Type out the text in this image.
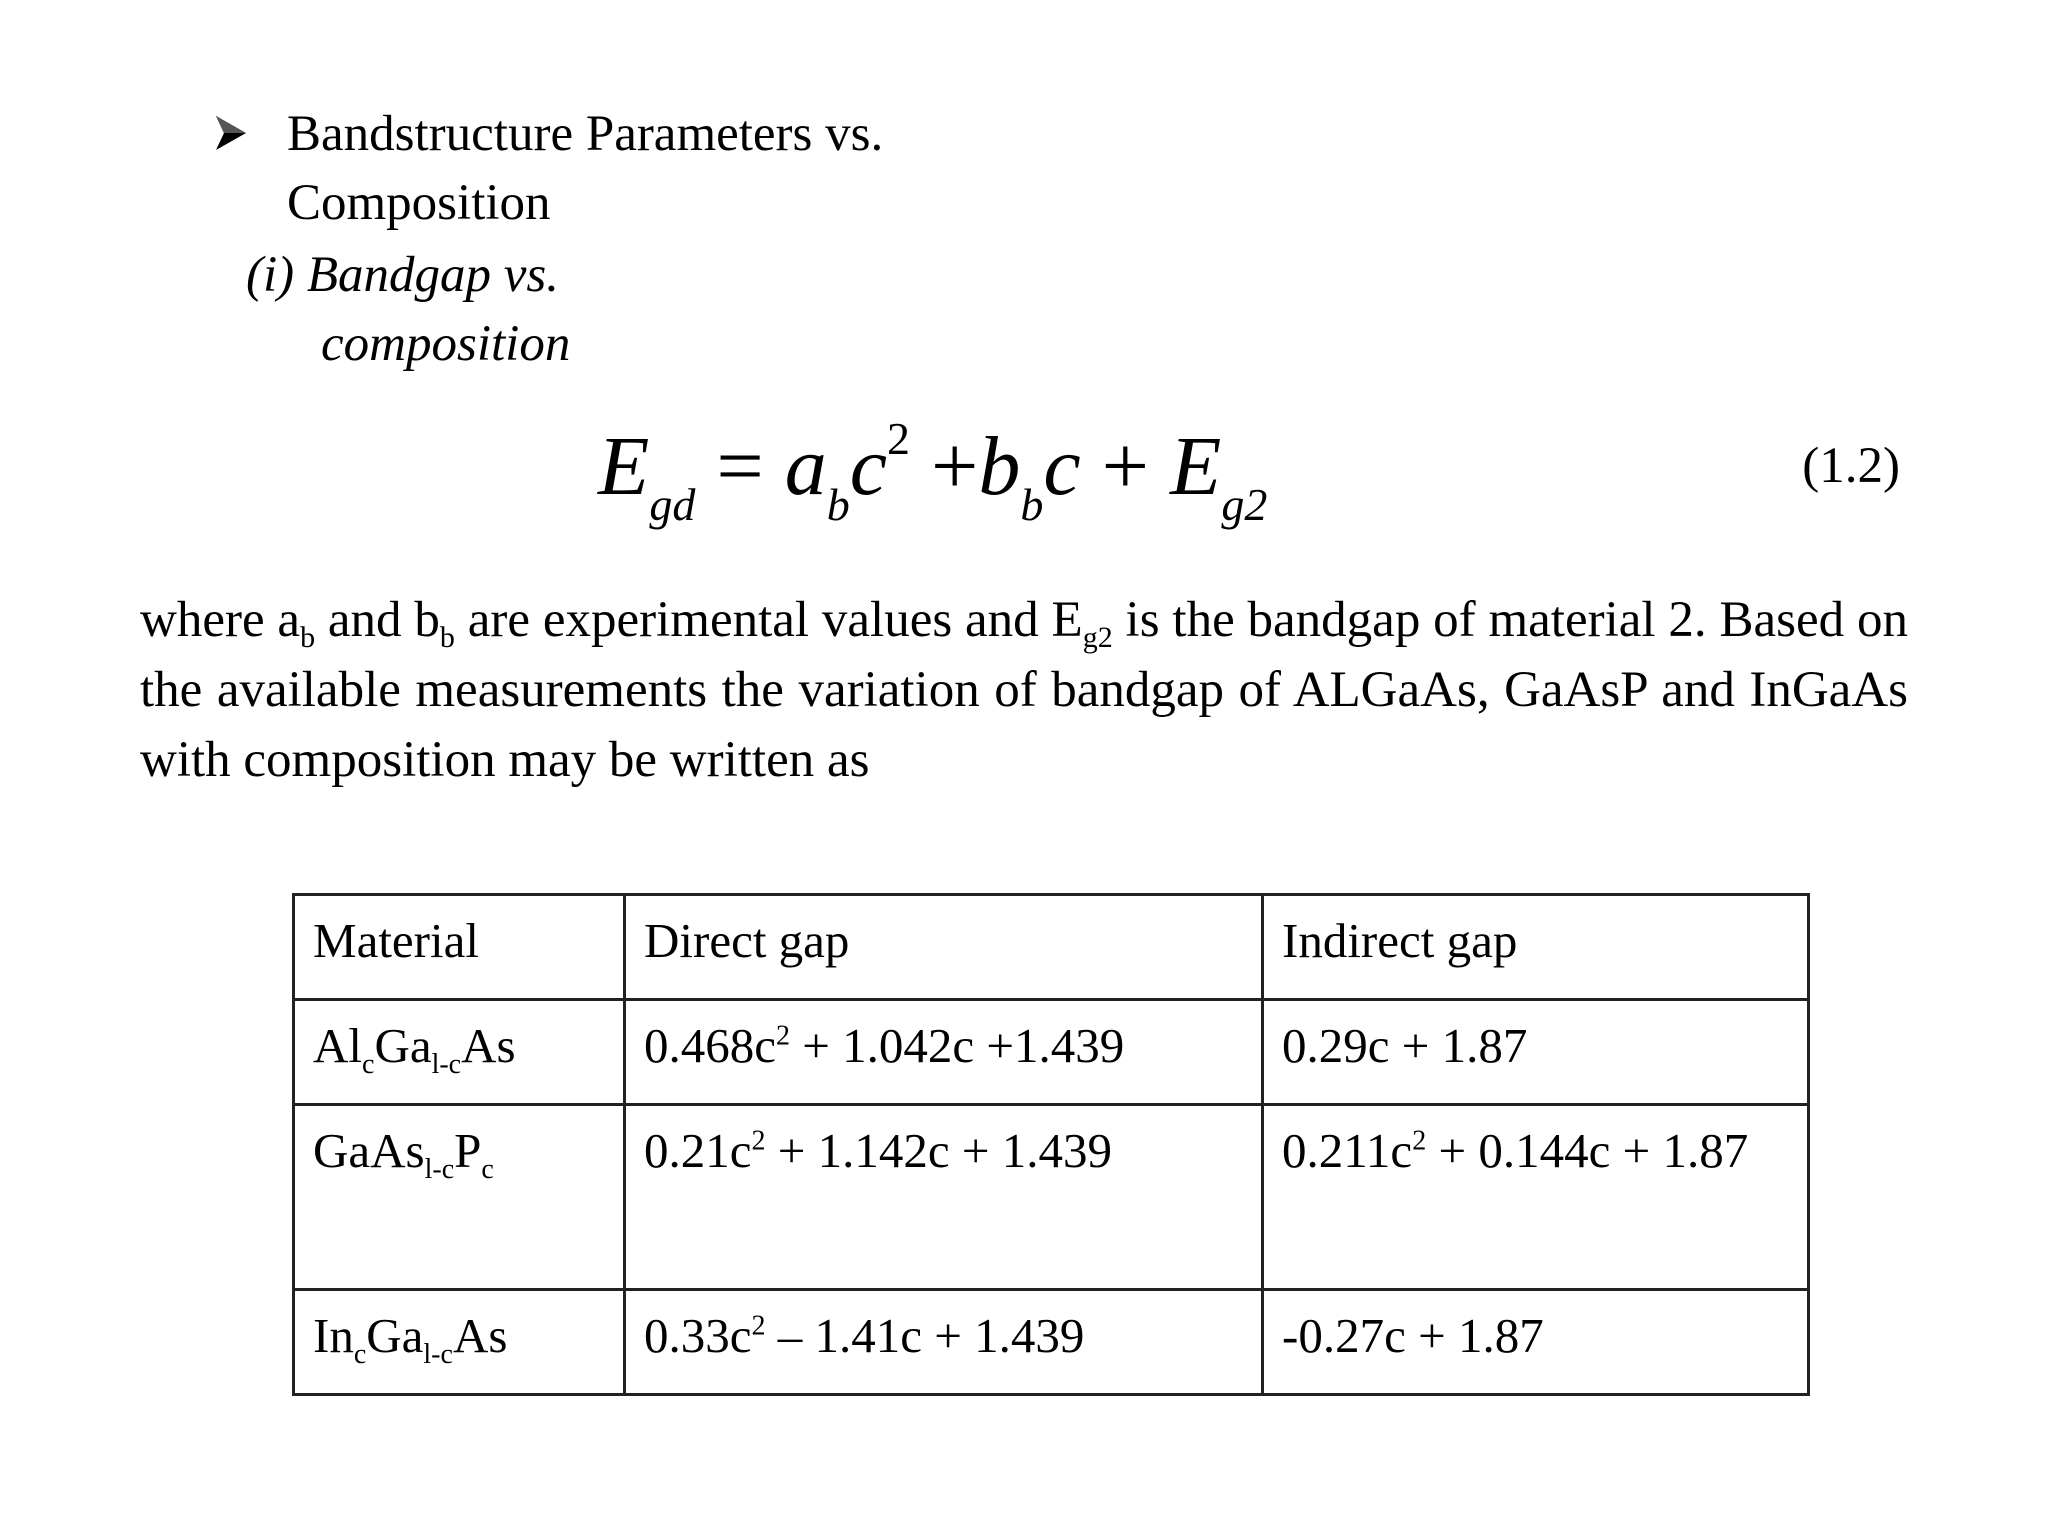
Bandstructure Parameters vs.
Composition
(i) Bandgap vs.
composition
$E_{gd} = a_bc^2 +b_bc + E_{g2}$
(1.2)
where $a_b$ and $b_b$ are experimental values and $E_{g2}$ is the bandgap of material 2. Based on the available measurements the variation of bandgap of ALGaAs, GaAsP and InGaAs with composition may be written as
Material	Direct gap	Indirect gap
$Al_cGa_{l-c}As$	$0.468c^2 + 1.042c +1.439$	0.29c + 1.87
$GaAs_{l-c}P_c$	$0.21c^2 + 1.142c + 1.439$	$0.211c^2 + 0.144c + 1.87$
$In_cGa_{l-c}As$	$0.33c^2 - 1.41c + 1.439$	-0.27c + 1.87
